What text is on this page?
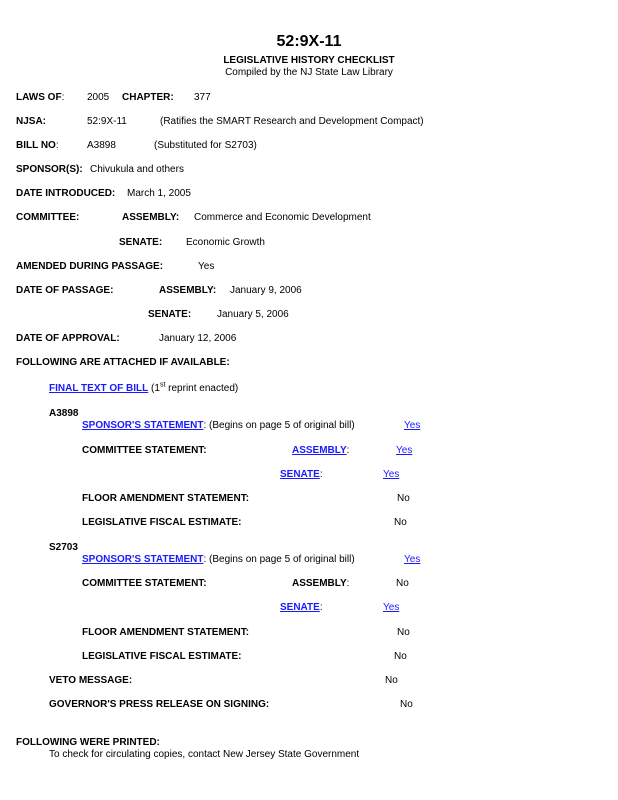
52:9X-11
LEGISLATIVE HISTORY CHECKLIST
Compiled by the NJ State Law Library
LAWS OF: 2005 CHAPTER: 377
NJSA:	52:9X-11	(Ratifies the SMART Research and Development Compact)
BILL NO:	A3898	(Substituted for S2703)
SPONSOR(S): Chivukula and others
DATE INTRODUCED: March 1, 2005
COMMITTEE:	ASSEMBLY: Commerce and Economic Development
SENATE: Economic Growth
AMENDED DURING PASSAGE:	Yes
DATE OF PASSAGE:	ASSEMBLY: January 9, 2006
SENATE:	January 5, 2006
DATE OF APPROVAL:	January 12, 2006
FOLLOWING ARE ATTACHED IF AVAILABLE:
FINAL TEXT OF BILL (1st reprint enacted)
A3898
SPONSOR'S STATEMENT: (Begins on page 5 of original bill)	Yes
COMMITTEE STATEMENT:	ASSEMBLY:	Yes
SENATE:	Yes
FLOOR AMENDMENT STATEMENT:	No
LEGISLATIVE FISCAL ESTIMATE:	No
S2703
SPONSOR'S STATEMENT: (Begins on page 5 of original bill)	Yes
COMMITTEE STATEMENT:	ASSEMBLY:	No
SENATE:	Yes
FLOOR AMENDMENT STATEMENT:	No
LEGISLATIVE FISCAL ESTIMATE:	No
VETO MESSAGE:	No
GOVERNOR'S PRESS RELEASE ON SIGNING:	No
FOLLOWING WERE PRINTED:
To check for circulating copies, contact New Jersey State Government
